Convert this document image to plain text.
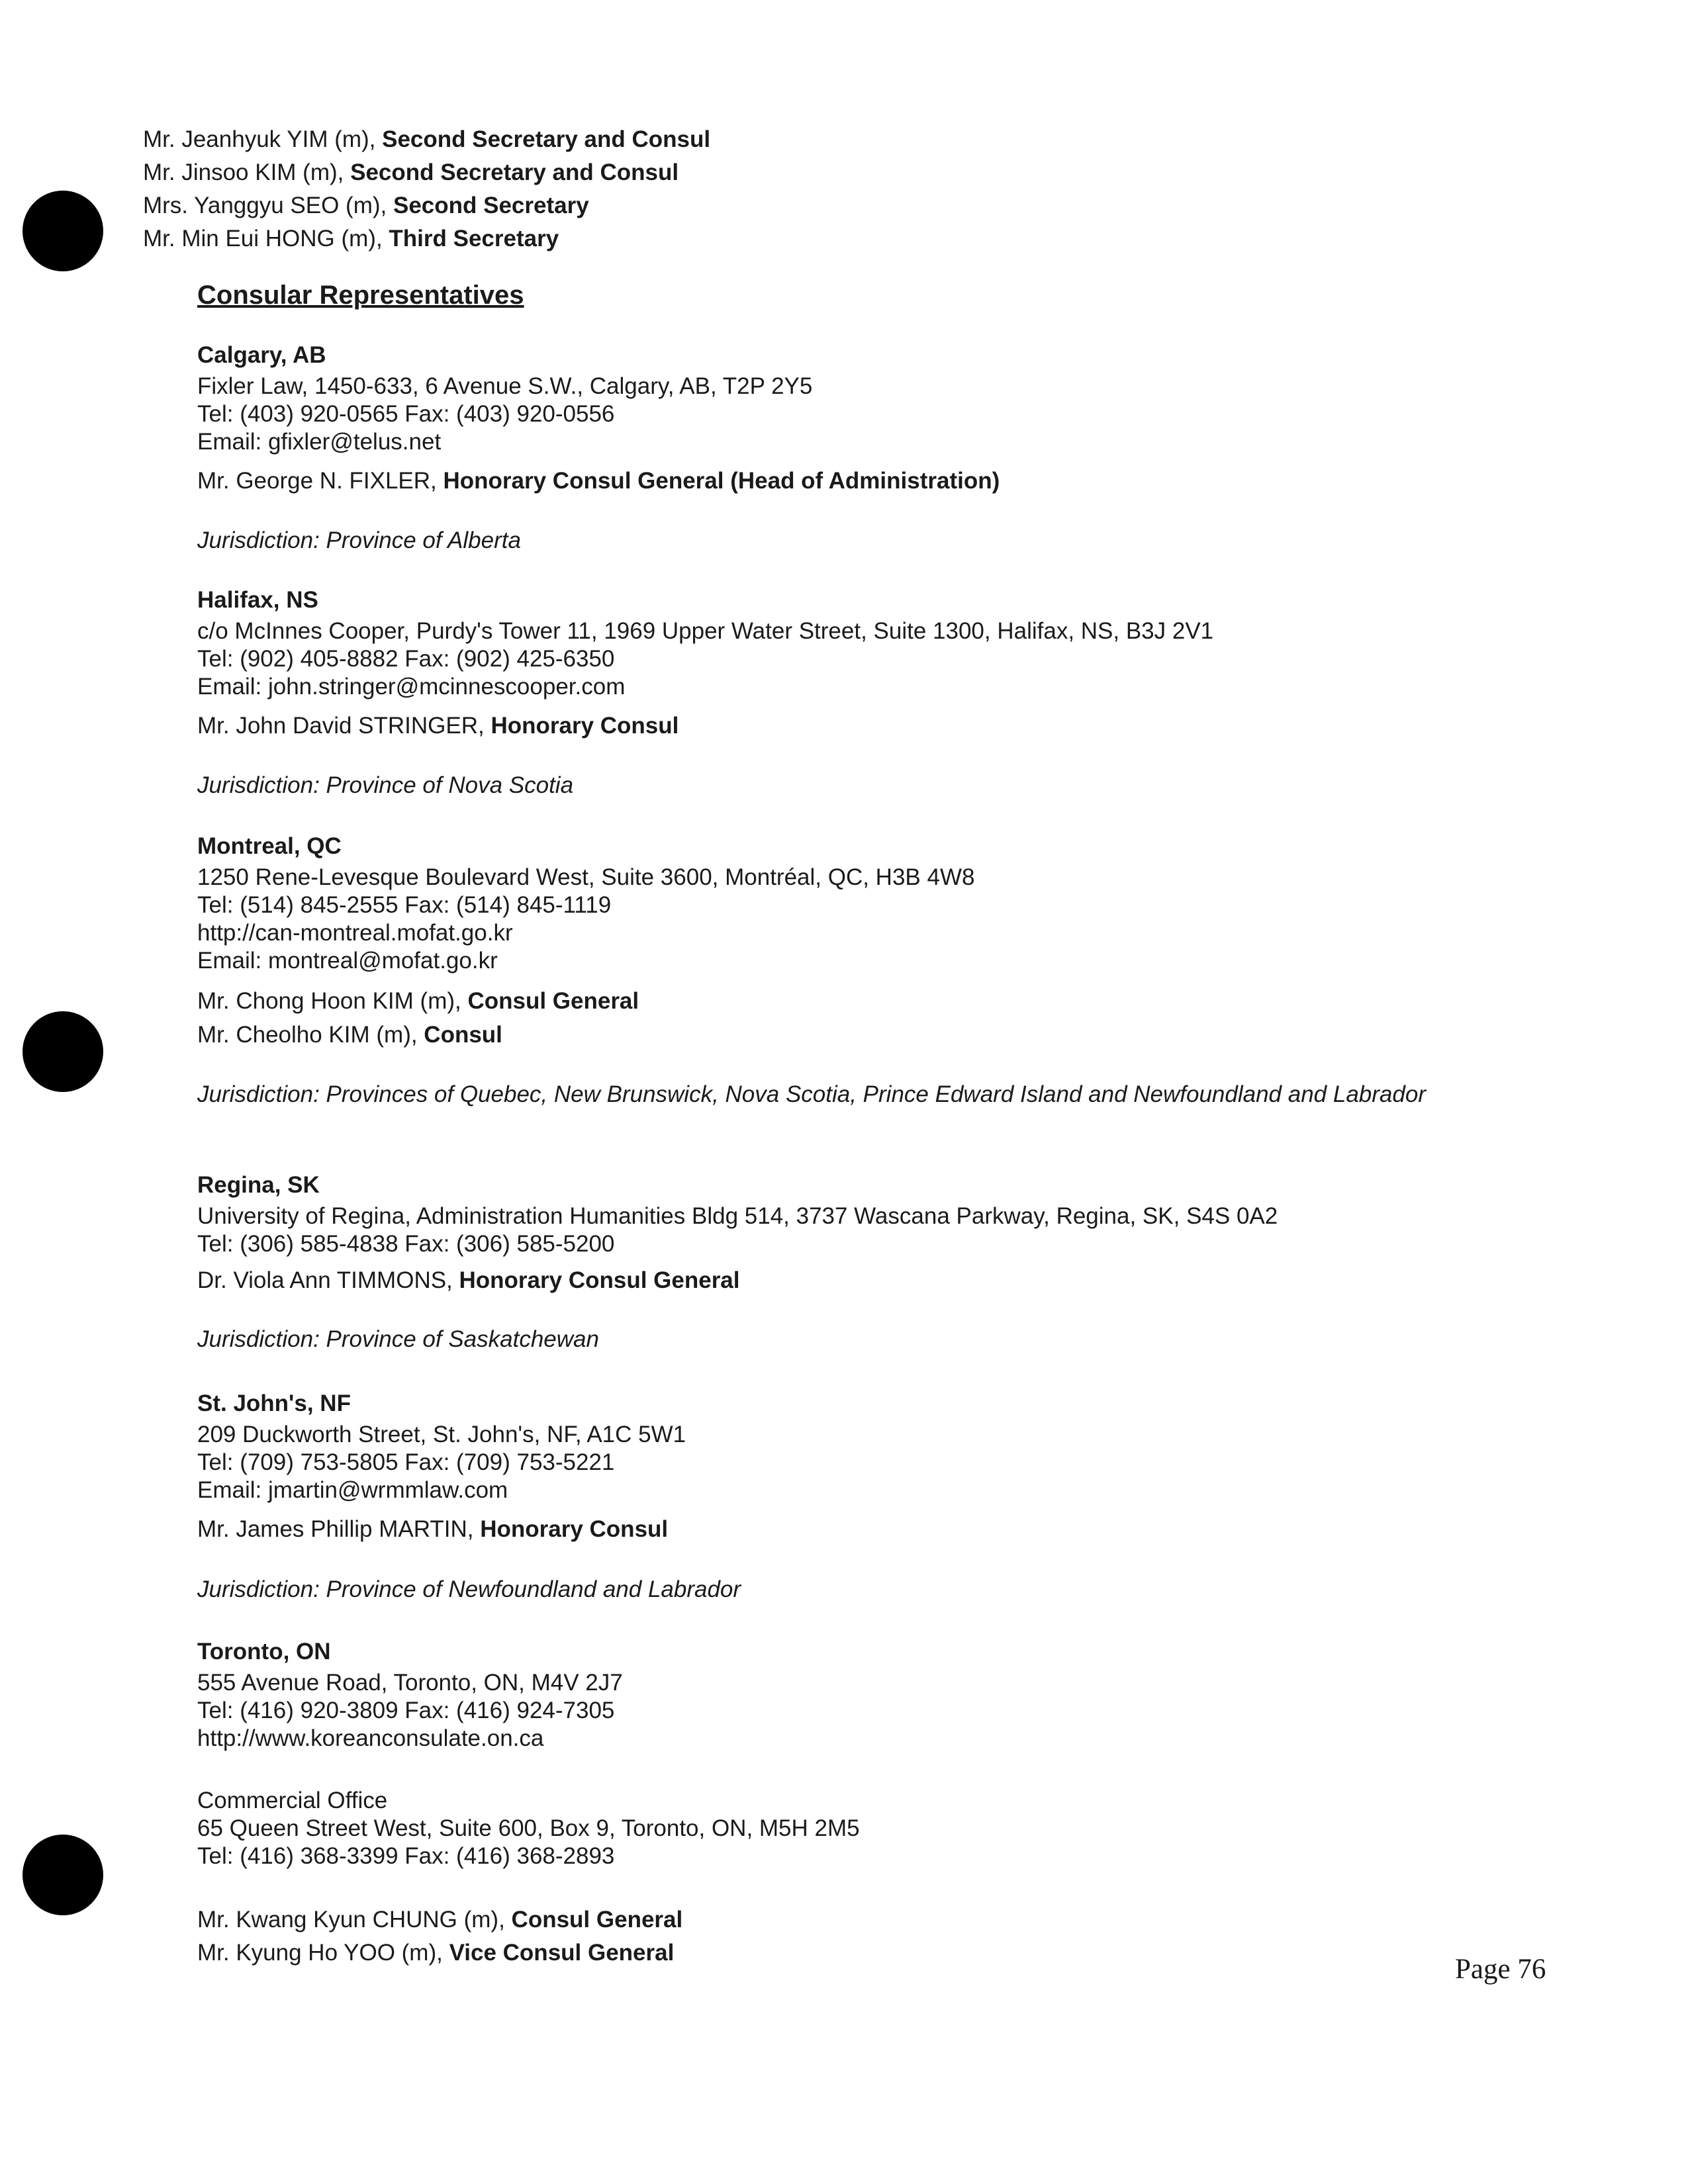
Mr. Jeanhyuk YIM (m), Second Secretary and Consul
Mr. Jinsoo KIM (m), Second Secretary and Consul
Mrs. Yanggyu SEO (m), Second Secretary
Mr. Min Eui HONG (m), Third Secretary
Consular Representatives
Calgary, AB
Fixler Law, 1450-633, 6 Avenue S.W., Calgary, AB, T2P 2Y5
Tel: (403) 920-0565 Fax: (403) 920-0556
Email: gfixler@telus.net
Mr. George N. FIXLER, Honorary Consul General (Head of Administration)
Jurisdiction: Province of Alberta
Halifax, NS
c/o McInnes Cooper, Purdy's Tower 11, 1969 Upper Water Street, Suite 1300, Halifax, NS, B3J 2V1
Tel: (902) 405-8882 Fax: (902) 425-6350
Email: john.stringer@mcinnescooper.com
Mr. John David STRINGER, Honorary Consul
Jurisdiction: Province of Nova Scotia
Montreal, QC
1250 Rene-Levesque Boulevard West, Suite 3600, Montréal, QC, H3B 4W8
Tel: (514) 845-2555 Fax: (514) 845-1119
http://can-montreal.mofat.go.kr
Email: montreal@mofat.go.kr
Mr. Chong Hoon KIM (m), Consul General
Mr. Cheolho KIM (m), Consul
Jurisdiction: Provinces of Quebec, New Brunswick, Nova Scotia, Prince Edward Island and Newfoundland and Labrador
Regina, SK
University of Regina, Administration Humanities Bldg 514, 3737 Wascana Parkway, Regina, SK, S4S 0A2
Tel: (306) 585-4838 Fax: (306) 585-5200
Dr. Viola Ann TIMMONS, Honorary Consul General
Jurisdiction: Province of Saskatchewan
St. John's, NF
209 Duckworth Street, St. John's, NF, A1C 5W1
Tel: (709) 753-5805 Fax: (709) 753-5221
Email: jmartin@wrmmlaw.com
Mr. James Phillip MARTIN, Honorary Consul
Jurisdiction: Province of Newfoundland and Labrador
Toronto, ON
555 Avenue Road, Toronto, ON, M4V 2J7
Tel: (416) 920-3809 Fax: (416) 924-7305
http://www.koreanconsulate.on.ca
Commercial Office
65 Queen Street West, Suite 600, Box 9, Toronto, ON, M5H 2M5
Tel: (416) 368-3399 Fax: (416) 368-2893
Mr. Kwang Kyun CHUNG (m), Consul General
Mr. Kyung Ho YOO (m), Vice Consul General
Page 76
